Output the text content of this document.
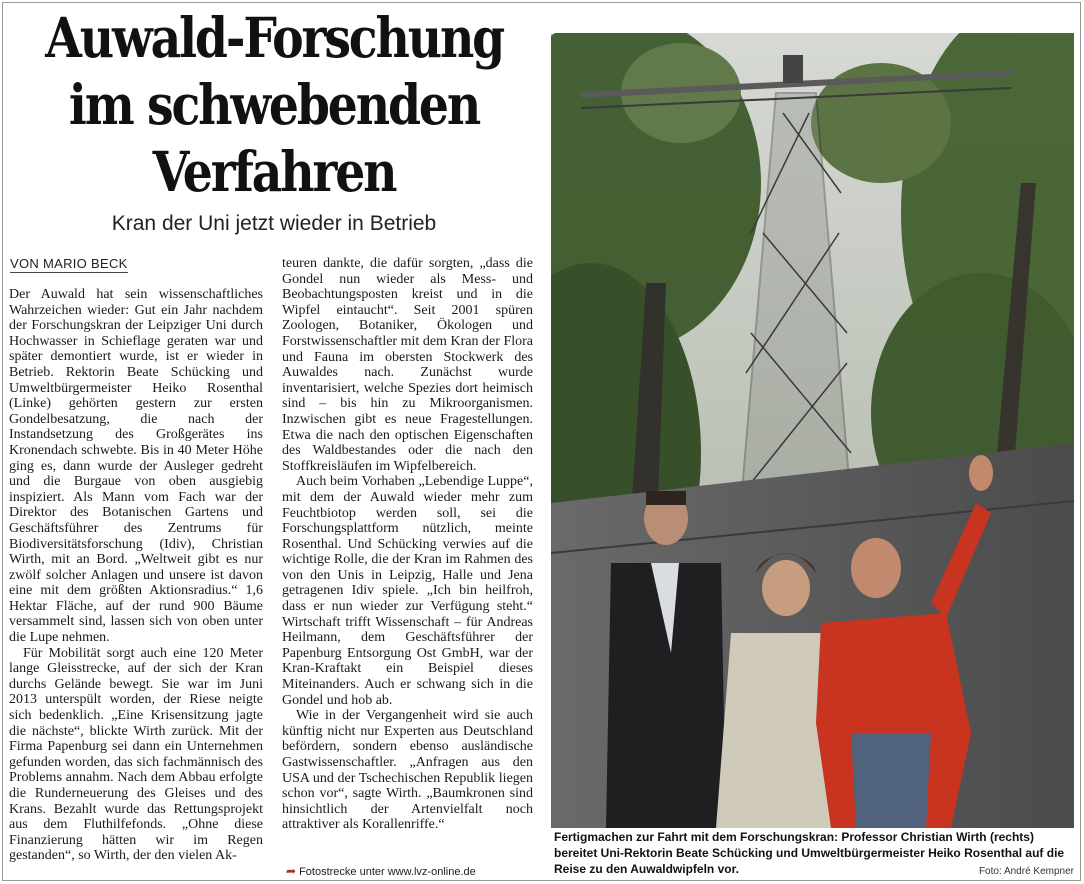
Auwald-Forschung
im schwebenden
Verfahren

Kran der Uni jetzt wieder in Betrieb

VON MARIO BECK

Der Auwald hat sein wissenschaftliches Wahrzeichen wieder: Gut ein Jahr nachdem der Forschungskran der Leipziger Uni durch Hochwasser in Schieflage geraten war und später demontiert wurde, ist er wieder in Betrieb. Rektorin Beate Schücking und Umweltbürgermeister Heiko Rosenthal (Linke) gehörten gestern zur ersten Gondelbesatzung, die nach der Instandsetzung des Großgerätes ins Kronendach schwebte. Bis in 40 Meter Höhe ging es, dann wurde der Ausleger gedreht und die Burgaue von oben ausgiebig inspiziert. Als Mann vom Fach war der Direktor des Botanischen Gartens und Geschäftsführer des Zentrums für Biodiversitätsforschung (Idiv), Christian Wirth, mit an Bord. „Weltweit gibt es nur zwölf solcher Anlagen und unsere ist davon eine mit dem größten Aktionsradius.“ 1,6 Hektar Fläche, auf der rund 900 Bäume versammelt sind, lassen sich von oben unter die Lupe nehmen.

Für Mobilität sorgt auch eine 120 Meter lange Gleisstrecke, auf der sich der Kran durchs Gelände bewegt. Sie war im Juni 2013 unterspült worden, der Riese neigte sich bedenklich. „Eine Krisensitzung jagte die nächste“, blickte Wirth zurück. Mit der Firma Papenburg sei dann ein Unternehmen gefunden worden, das sich fachmännisch des Problems annahm. Nach dem Abbau erfolgte die Runderneuerung des Gleises und des Krans. Bezahlt wurde das Rettungsprojekt aus dem Fluthilfefonds. „Ohne diese Finanzierung hätten wir im Regen gestanden“, so Wirth, der den vielen Ak-

teuren dankte, die dafür sorgten, „dass die Gondel nun wieder als Mess- und Beobachtungsposten kreist und in die Wipfel eintaucht“. Seit 2001 spüren Zoologen, Botaniker, Ökologen und Forstwissenschaftler mit dem Kran der Flora und Fauna im obersten Stockwerk des Auwaldes nach. Zunächst wurde inventarisiert, welche Spezies dort heimisch sind – bis hin zu Mikroorganismen. Inzwischen gibt es neue Fragestellungen. Etwa die nach den optischen Eigenschaften des Waldbestandes oder die nach den Stoffkreisläufen im Wipfelbereich.

Auch beim Vorhaben „Lebendige Luppe“, mit dem der Auwald wieder mehr zum Feuchtbiotop werden soll, sei die Forschungsplattform nützlich, meinte Rosenthal. Und Schücking verwies auf die wichtige Rolle, die der Kran im Rahmen des von den Unis in Leipzig, Halle und Jena getragenen Idiv spiele. „Ich bin heilfroh, dass er nun wieder zur Verfügung steht.“ Wirtschaft trifft Wissenschaft – für Andreas Heilmann, dem Geschäftsführer der Papenburg Entsorgung Ost GmbH, war der Kran-Kraftakt ein Beispiel dieses Miteinanders. Auch er schwang sich in die Gondel und hob ab.

Wie in der Vergangenheit wird sie auch künftig nicht nur Experten aus Deutschland befördern, sondern ebenso ausländische Gastwissenschaftler. „Anfragen aus den USA und der Tschechischen Republik liegen schon vor“, sagte Wirth. „Baumkronen sind hinsichtlich der Artenvielfalt noch attraktiver als Korallenriffe.“

➦ Fotostrecke unter www.lvz-online.de
Fertigmachen zur Fahrt mit dem Forschungskran: Professor Christian Wirth (rechts) bereitet Uni-Rektorin Beate Schücking und Umweltbürgermeister Heiko Rosenthal auf die Reise zu den Auwaldwipfeln vor.	Foto: André Kempner
